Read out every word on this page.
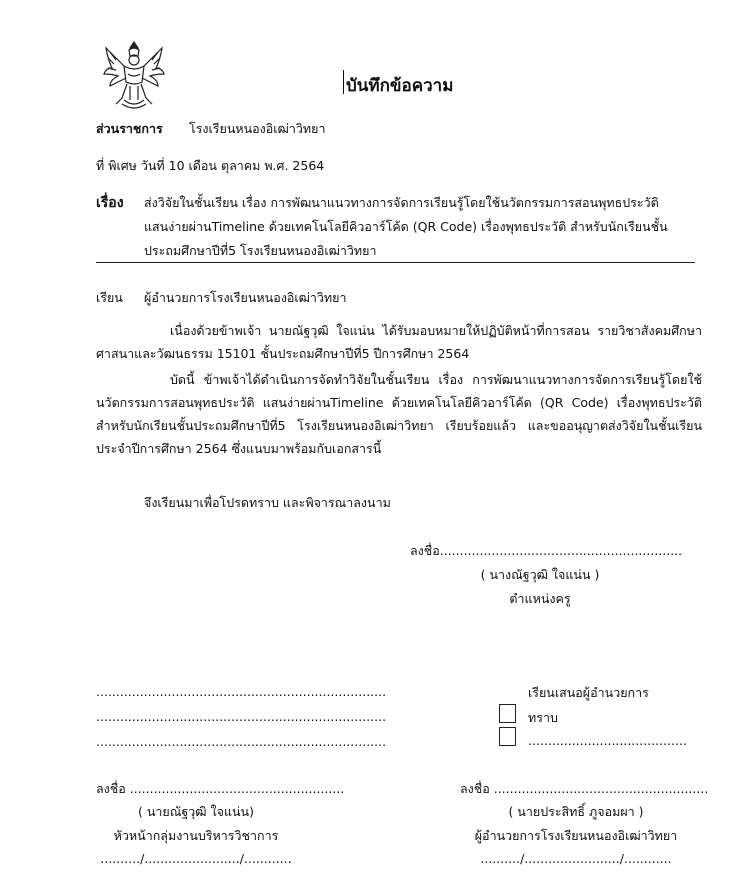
บันทึกข้อความ
ส่วนราชการ โรงเรียนหนองอิเฒ่าวิทยา
ที่ พิเศษ วันที่ 10 เดือน ตุลาคม พ.ศ. 2564
เรื่อง ส่งวิจัยในชั้นเรียน เรื่อง การพัฒนาแนวทางการจัดการเรียนรู้โดยใช้นวัตกรรมการสอนพุทธประวัติ
แสนง่ายผ่านTimeline ด้วยเทคโนโลยีคิวอาร์โค้ด (QR Code) เรื่องพุทธประวัติ สำหรับนักเรียนชั้น
ประถมศึกษาปีที่5 โรงเรียนหนองอิเฒ่าวิทยา
เรียน ผู้อำนวยการโรงเรียนหนองอิเฒ่าวิทยา
เนื่องด้วยข้าพเจ้า นายณัฐวุฒิ ใจแน่น ได้รับมอบหมายให้ปฏิบัติหน้าที่การสอน รายวิชาสังคมศึกษา ศาสนาและวัฒนธรรม 15101 ชั้นประถมศึกษาปีที่5 ปีการศึกษา 2564
บัดนี้ ข้าพเจ้าได้ดำเนินการจัดทำวิจัยในชั้นเรียน เรื่อง การพัฒนาแนวทางการจัดการเรียนรู้โดยใช้นวัตกรรมการสอนพุทธประวัติ แสนง่ายผ่านTimeline ด้วยเทคโนโลยีคิวอาร์โค้ด (QR Code) เรื่องพุทธประวัติ สำหรับนักเรียนชั้นประถมศึกษาปีที่5 โรงเรียนหนองอิเฒ่าวิทยา เรียบร้อยแล้ว และขออนุญาตส่งวิจัยในชั้นเรียน ประจำปีการศึกษา 2564 ซึ่งแนบมาพร้อมกับเอกสารนี้
จึงเรียนมาเพื่อโปรดทราบ และพิจารณาลงนาม
ลงชื่อ.............................................................
( นางณัฐวุฒิ ใจแน่น )
ตำแหน่งครู
.........................................................................
.........................................................................
.........................................................................
เรียนเสนอผู้อำนวยการ
ทราบ
........................................
ลงชื่อ ......................................................
( นายณัฐวุฒิ ใจแน่น)
หัวหน้ากลุ่มงานบริหารวิชาการ
........../......................../............
ลงชื่อ ......................................................
( นายประสิทธิ์ ภูจอมผา )
ผู้อำนวยการโรงเรียนหนองอิเฒ่าวิทยา
........../......................../............
